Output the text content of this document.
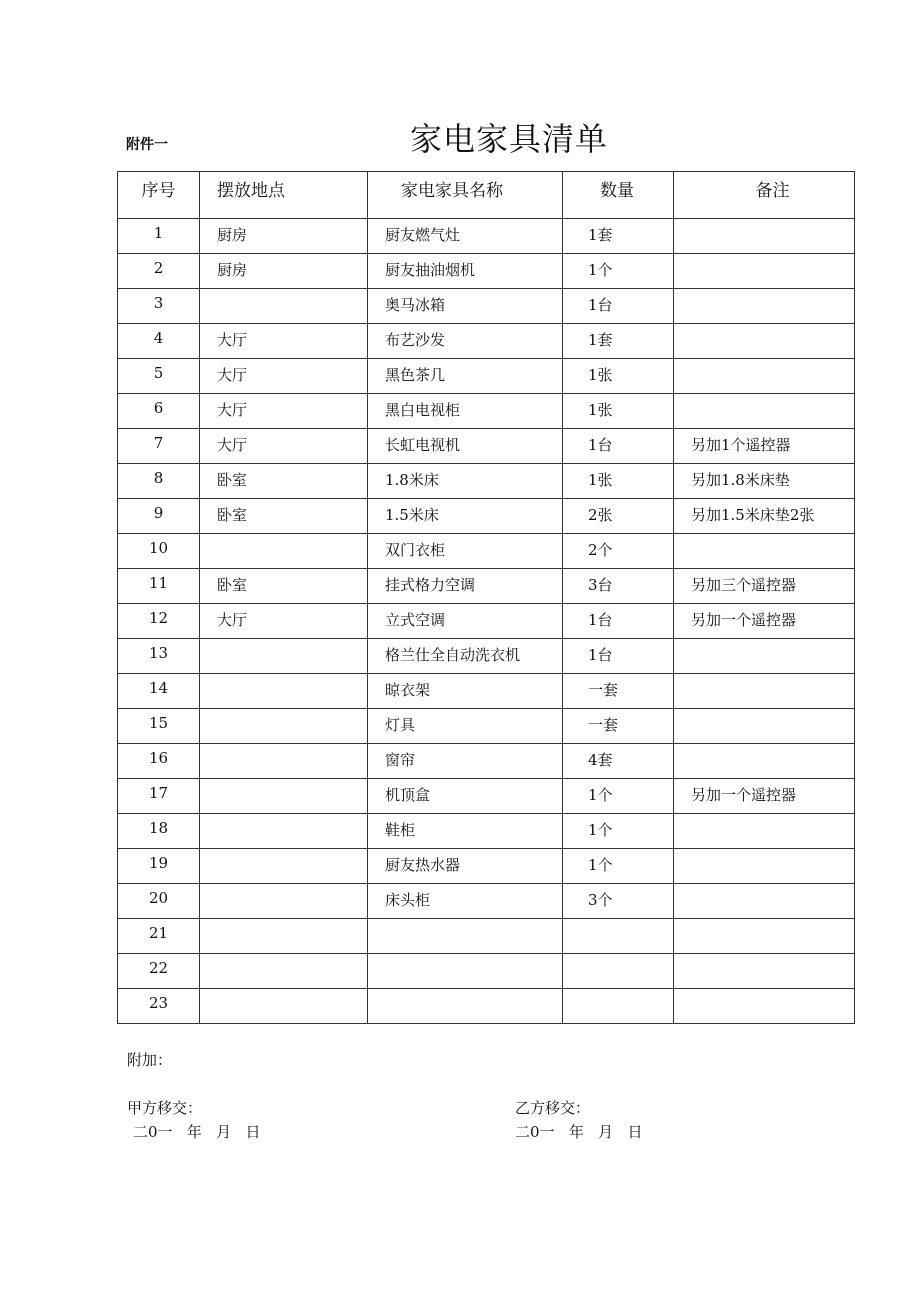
附件一	家电家具清单
序号	摆放地点	家电家具名称	数量	备注
1	厨房	厨友燃气灶	1套	
2	厨房	厨友抽油烟机	1个	
3		奥马冰箱	1台	
4	大厅	布艺沙发	1套	
5	大厅	黑色茶几	1张	
6	大厅	黑白电视柜	1张	
7	大厅	长虹电视机	1台	另加1个遥控器
8	卧室	1.8米床	1张	另加1.8米床垫
9	卧室	1.5米床	2张	另加1.5米床垫2张
10		双门衣柜	2个	
11	卧室	挂式格力空调	3台	另加三个遥控器
12	大厅	立式空调	1台	另加一个遥控器
13		格兰仕全自动洗衣机	1台	
14		晾衣架	一套	
15		灯具	一套	
16		窗帘	4套	
17		机顶盒	1个	另加一个遥控器
18		鞋柜	1个	
19		厨友热水器	1个	
20		床头柜	3个	
21				
22				
23				
附加：
甲方移交：
二0一   年   月   日
乙方移交：
二0一   年   月   日
